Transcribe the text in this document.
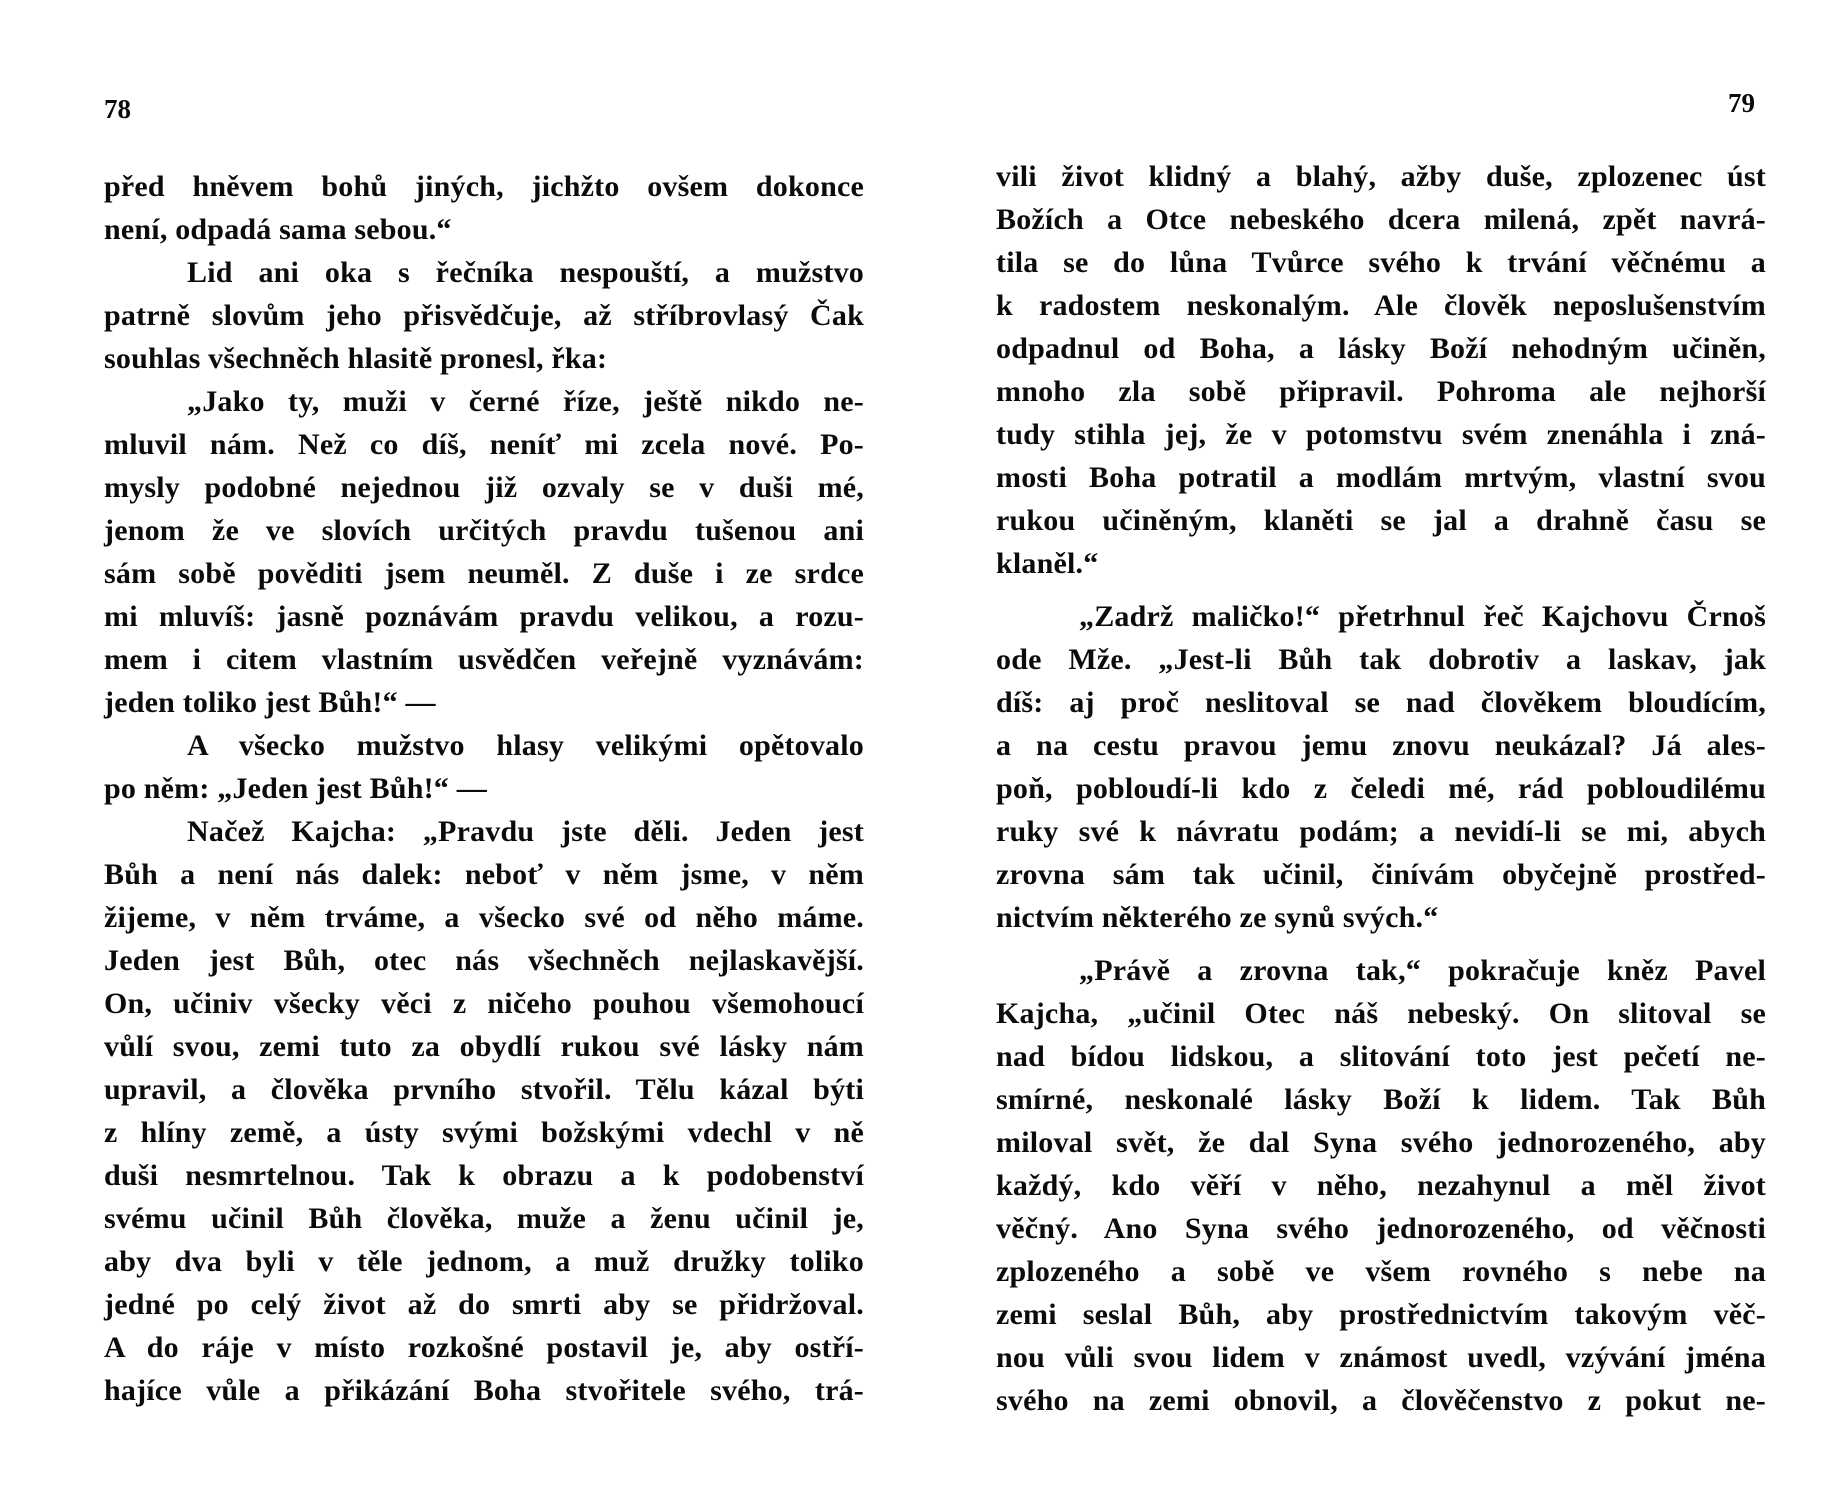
78	79
před hněvem bohů jiných, jichžto ovšem dokonce
není, odpadá sama sebou.“
Lid ani oka s řečníka nespouští, a mužstvo
patrně slovům jeho přisvědčuje, až stříbrovlasý Čak
souhlas všechněch hlasitě pronesl, řka:
„Jako ty, muži v černé říze, ještě nikdo ne-
mluvil nám. Než co díš, neníť mi zcela nové. Po-
mysly podobné nejednou již ozvaly se v duši mé,
jenom že ve slovích určitých pravdu tušenou ani
sám sobě pověditi jsem neuměl. Z duše i ze srdce
mi mluvíš: jasně poznávám pravdu velikou, a rozu-
mem i citem vlastním usvědčen veřejně vyznávám:
jeden toliko jest Bůh!“ —
A všecko mužstvo hlasy velikými opětovalo
po něm: „Jeden jest Bůh!“ —
Načež Kajcha: „Pravdu jste děli. Jeden jest
Bůh a není nás dalek: neboť v něm jsme, v něm
žijeme, v něm trváme, a všecko své od něho máme.
Jeden jest Bůh, otec nás všechněch nejlaskavější.
On, učiniv všecky věci z ničeho pouhou všemohoucí
vůlí svou, zemi tuto za obydlí rukou své lásky nám
upravil, a člověka prvního stvořil. Tělu kázal býti
z hlíny země, a ústy svými božskými vdechl v ně
duši nesmrtelnou. Tak k obrazu a k podobenství
svému učinil Bůh člověka, muže a ženu učinil je,
aby dva byli v těle jednom, a muž družky toliko
jedné po celý život až do smrti aby se přidržoval.
A do ráje v místo rozkošné postavil je, aby ostří-
hajíce vůle a přikázání Boha stvořitele svého, trá-
vili život klidný a blahý, ažby duše, zplozenec úst
Božích a Otce nebeského dcera milená, zpět navrá-
tila se do lůna Tvůrce svého k trvání věčnému a
k radostem neskonalým. Ale člověk neposlušenstvím
odpadnul od Boha, a lásky Boží nehodným učiněn,
mnoho zla sobě připravil. Pohroma ale nejhorší
tudy stihla jej, že v potomstvu svém znenáhla i zná-
mosti Boha potratil a modlám mrtvým, vlastní svou
rukou učiněným, klaněti se jal a drahně času se
klaněl.“
„Zadrž maličko!“ přetrhnul řeč Kajchovu Črnoš
ode Mže. „Jest-li Bůh tak dobrotiv a laskav, jak
díš: aj proč neslitoval se nad člověkem bloudícím,
a na cestu pravou jemu znovu neukázal? Já ales-
poň, pobloudí-li kdo z čeledi mé, rád pobloudilému
ruky své k návratu podám; a nevidí-li se mi, abych
zrovna sám tak učinil, činívám obyčejně prostřed-
nictvím některého ze synů svých.“
„Právě a zrovna tak,“ pokračuje kněz Pavel
Kajcha, „učinil Otec náš nebeský. On slitoval se
nad bídou lidskou, a slitování toto jest pečetí ne-
smírné, neskonalé lásky Boží k lidem. Tak Bůh
miloval svět, že dal Syna svého jednorozeného, aby
každý, kdo věří v něho, nezahynul a měl život
věčný. Ano Syna svého jednorozeného, od věčnosti
zplozeného a sobě ve všem rovného s nebe na
zemi seslal Bůh, aby prostřednictvím takovým věč-
nou vůli svou lidem v známost uvedl, vzývání jména
svého na zemi obnovil, a člověčenstvo z pokut ne-
